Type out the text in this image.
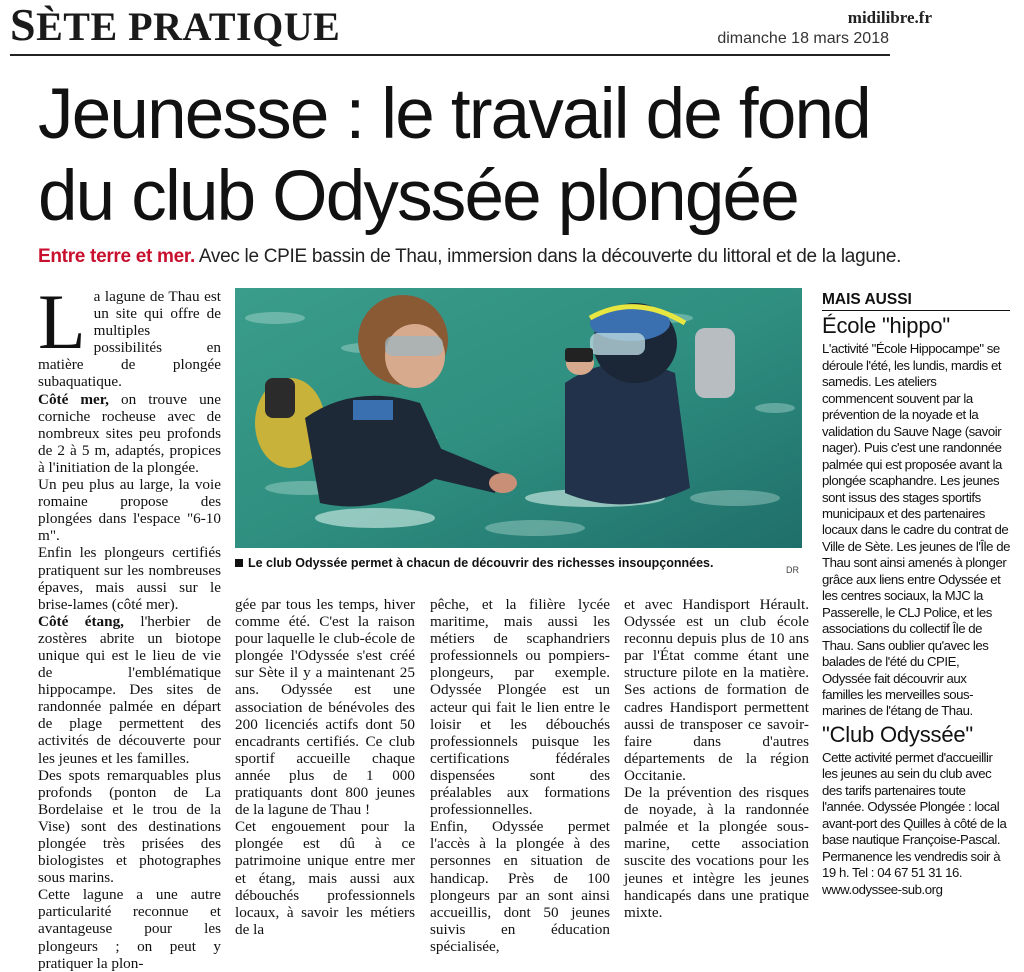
SÈTE PRATIQUE	midilibre.fr
dimanche 18 mars 2018
Jeunesse : le travail de fond
du club Odyssée plongée
Entre terre et mer. Avec le CPIE bassin de Thau, immersion dans la découverte du littoral et de la lagune.

La lagune de Thau est un site qui offre de multiples possibilités en matière de plongée subaquatique.

Côté mer, on trouve une corniche rocheuse avec de nombreux sites peu profonds de 2 à 5 m, adaptés, propices à l'initiation de la plongée.

Un peu plus au large, la voie romaine propose des plongées dans l'espace "6-10 m".

Enfin les plongeurs certifiés pratiquent sur les nombreuses épaves, mais aussi sur le brise-lames (côté mer).

Côté étang, l'herbier de zostères abrite un biotope unique qui est le lieu de vie de l'emblématique hippocampe. Des sites de randonnée palmée en départ de plage permettent des activités de découverte pour les jeunes et les familles.

Des spots remarquables plus profonds (ponton de La Bordelaise et le trou de la Vise) sont des destinations plongée très prisées des biologistes et photographes sous marins.

Cette lagune a une autre particularité reconnue et avantageuse pour les plongeurs ; on peut y pratiquer la plon-

Le club Odyssée permet à chacun de découvrir des richesses insoupçonnées.	DR

gée par tous les temps, hiver comme été. C'est la raison pour laquelle le club-école de plongée l'Odyssée s'est créé sur Sète il y a maintenant 25 ans. Odyssée est une association de bénévoles des 200 licenciés actifs dont 50 encadrants certifiés. Ce club sportif accueille chaque année plus de 1 000 pratiquants dont 800 jeunes de la lagune de Thau !

Cet engouement pour la plongée est dû à ce patrimoine unique entre mer et étang, mais aussi aux débouchés professionnels locaux, à savoir les métiers de la

pêche, et la filière lycée maritime, mais aussi les métiers de scaphandriers professionnels ou pompiers-plongeurs, par exemple. Odyssée Plongée est un acteur qui fait le lien entre le loisir et les débouchés professionnels puisque les certifications fédérales dispensées sont des préalables aux formations professionnelles.

Enfin, Odyssée permet l'accès à la plongée à des personnes en situation de handicap. Près de 100 plongeurs par an sont ainsi accueillis, dont 50 jeunes suivis en éducation spécialisée,

et avec Handisport Hérault. Odyssée est un club école reconnu depuis plus de 10 ans par l'État comme étant une structure pilote en la matière. Ses actions de formation de cadres Handisport permettent aussi de transposer ce savoir-faire dans d'autres départements de la région Occitanie.

De la prévention des risques de noyade, à la randonnée palmée et la plongée sous-marine, cette association suscite des vocations pour les jeunes et intègre les jeunes handicapés dans une pratique mixte.

MAIS AUSSI
École "hippo"

L'activité "École Hippocampe" se déroule l'été, les lundis, mardis et samedis. Les ateliers commencent souvent par la prévention de la noyade et la validation du Sauve Nage (savoir nager). Puis c'est une randonnée palmée qui est proposée avant la plongée scaphandre. Les jeunes sont issus des stages sportifs municipaux et des partenaires locaux dans le cadre du contrat de Ville de Sète. Les jeunes de l'Île de Thau sont ainsi amenés à plonger grâce aux liens entre Odyssée et les centres sociaux, la MJC la Passerelle, le CLJ Police, et les associations du collectif Île de Thau. Sans oublier qu'avec les balades de l'été du CPIE, Odyssée fait découvrir aux familles les merveilles sous-marines de l'étang de Thau.

"Club Odyssée"

Cette activité permet d'accueillir les jeunes au sein du club avec des tarifs partenaires toute l'année. Odyssée Plongée : local avant-port des Quilles à côté de la base nautique Françoise-Pascal. Permanence les vendredis soir à 19 h. Tel : 04 67 51 31 16.

www.odyssee-sub.org
